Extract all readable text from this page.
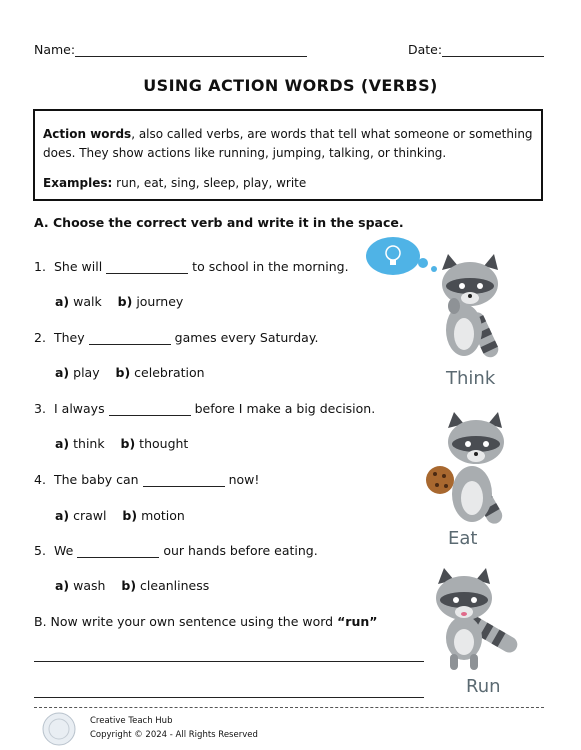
Name:	Date:
USING ACTION WORDS (VERBS)

Action words, also called verbs, are words that tell what someone or something does. They show actions like running, jumping, talking, or thinking.

Examples: run, eat, sing, sleep, play, write

A. Choose the correct verb and write it in the space.
1. She will	to school in the morning.
a) walk b) journey
2. They	games every Saturday.
a) play b) celebration
3. I always	before I make a big decision.
a) think b) thought
4. The baby can	now!
a) crawl b) motion
5. We	our hands before eating.
a) wash b) cleanliness
B. Now write your own sentence using the word “run”
Think
Eat
Run
Creative Teach Hub
Copyright © 2024 - All Rights Reserved
